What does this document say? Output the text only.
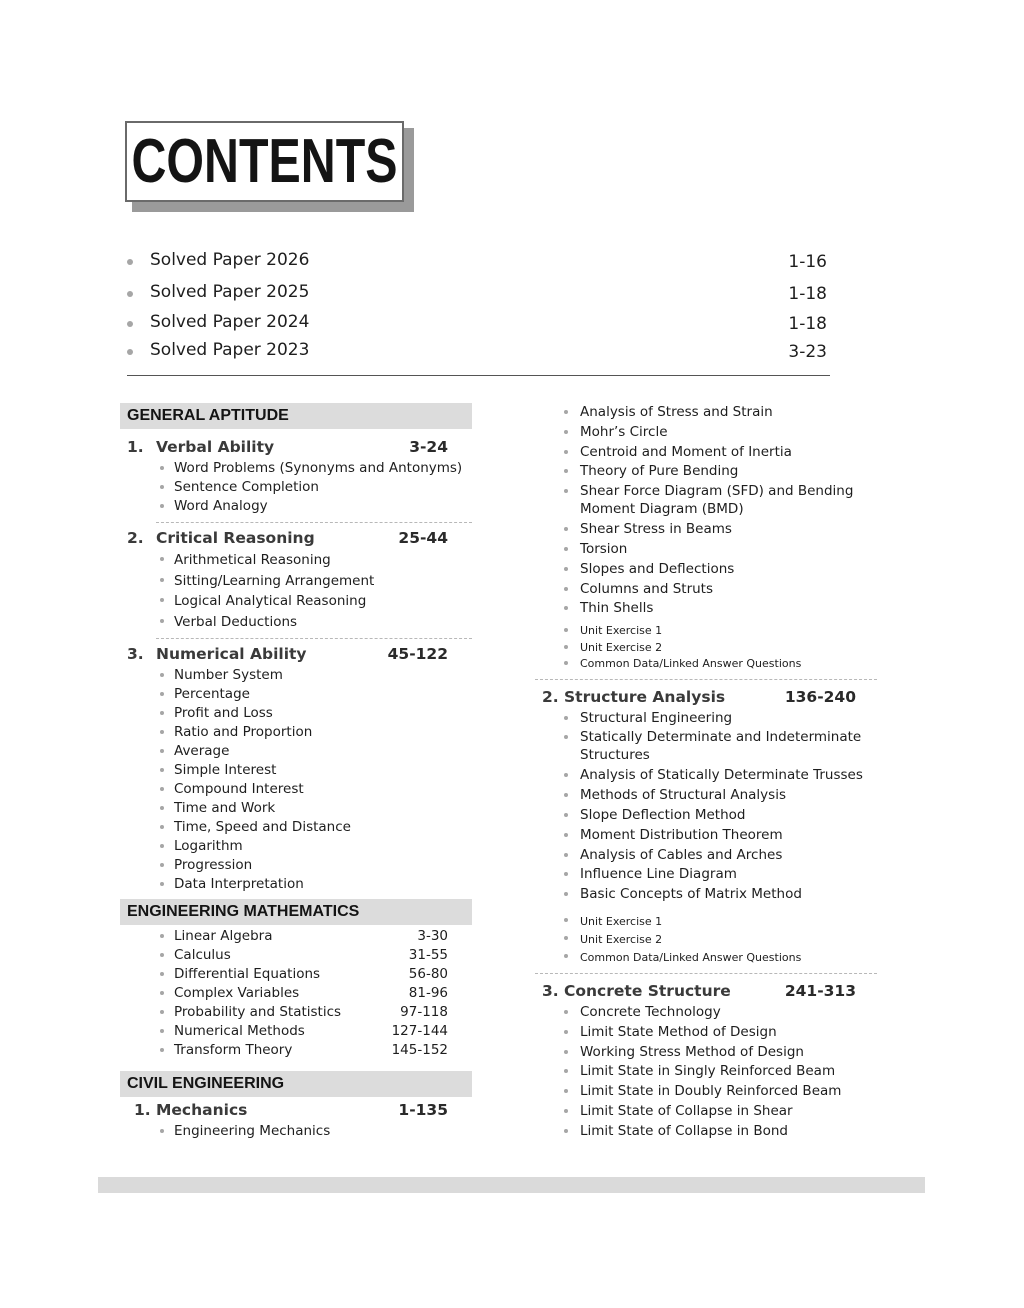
CONTENTS
Solved Paper 2026	1-16
Solved Paper 2025	1-18
Solved Paper 2024	1-18
Solved Paper 2023	3-23
GENERAL APTITUDE
1. Verbal Ability	3-24
Word Problems (Synonyms and Antonyms)
Sentence Completion
Word Analogy
2. Critical Reasoning	25-44
Arithmetical Reasoning
Sitting/Learning Arrangement
Logical Analytical Reasoning
Verbal Deductions
3. Numerical Ability	45-122
Number System
Percentage
Profit and Loss
Ratio and Proportion
Average
Simple Interest
Compound Interest
Time and Work
Time, Speed and Distance
Logarithm
Progression
Data Interpretation
ENGINEERING MATHEMATICS
Linear Algebra	3-30
Calculus	31-55
Differential Equations	56-80
Complex Variables	81-96
Probability and Statistics	97-118
Numerical Methods	127-144
Transform Theory	145-152
CIVIL ENGINEERING
1. Mechanics	1-135
Engineering Mechanics
Analysis of Stress and Strain
Mohr’s Circle
Centroid and Moment of Inertia
Theory of Pure Bending
Shear Force Diagram (SFD) and Bending Moment Diagram (BMD)
Shear Stress in Beams
Torsion
Slopes and Deflections
Columns and Struts
Thin Shells
Unit Exercise 1
Unit Exercise 2
Common Data/Linked Answer Questions
2. Structure Analysis	136-240
Structural Engineering
Statically Determinate and Indeterminate Structures
Analysis of Statically Determinate Trusses
Methods of Structural Analysis
Slope Deflection Method
Moment Distribution Theorem
Analysis of Cables and Arches
Influence Line Diagram
Basic Concepts of Matrix Method
Unit Exercise 1
Unit Exercise 2
Common Data/Linked Answer Questions
3. Concrete Structure	241-313
Concrete Technology
Limit State Method of Design
Working Stress Method of Design
Limit State in Singly Reinforced Beam
Limit State in Doubly Reinforced Beam
Limit State of Collapse in Shear
Limit State of Collapse in Bond
